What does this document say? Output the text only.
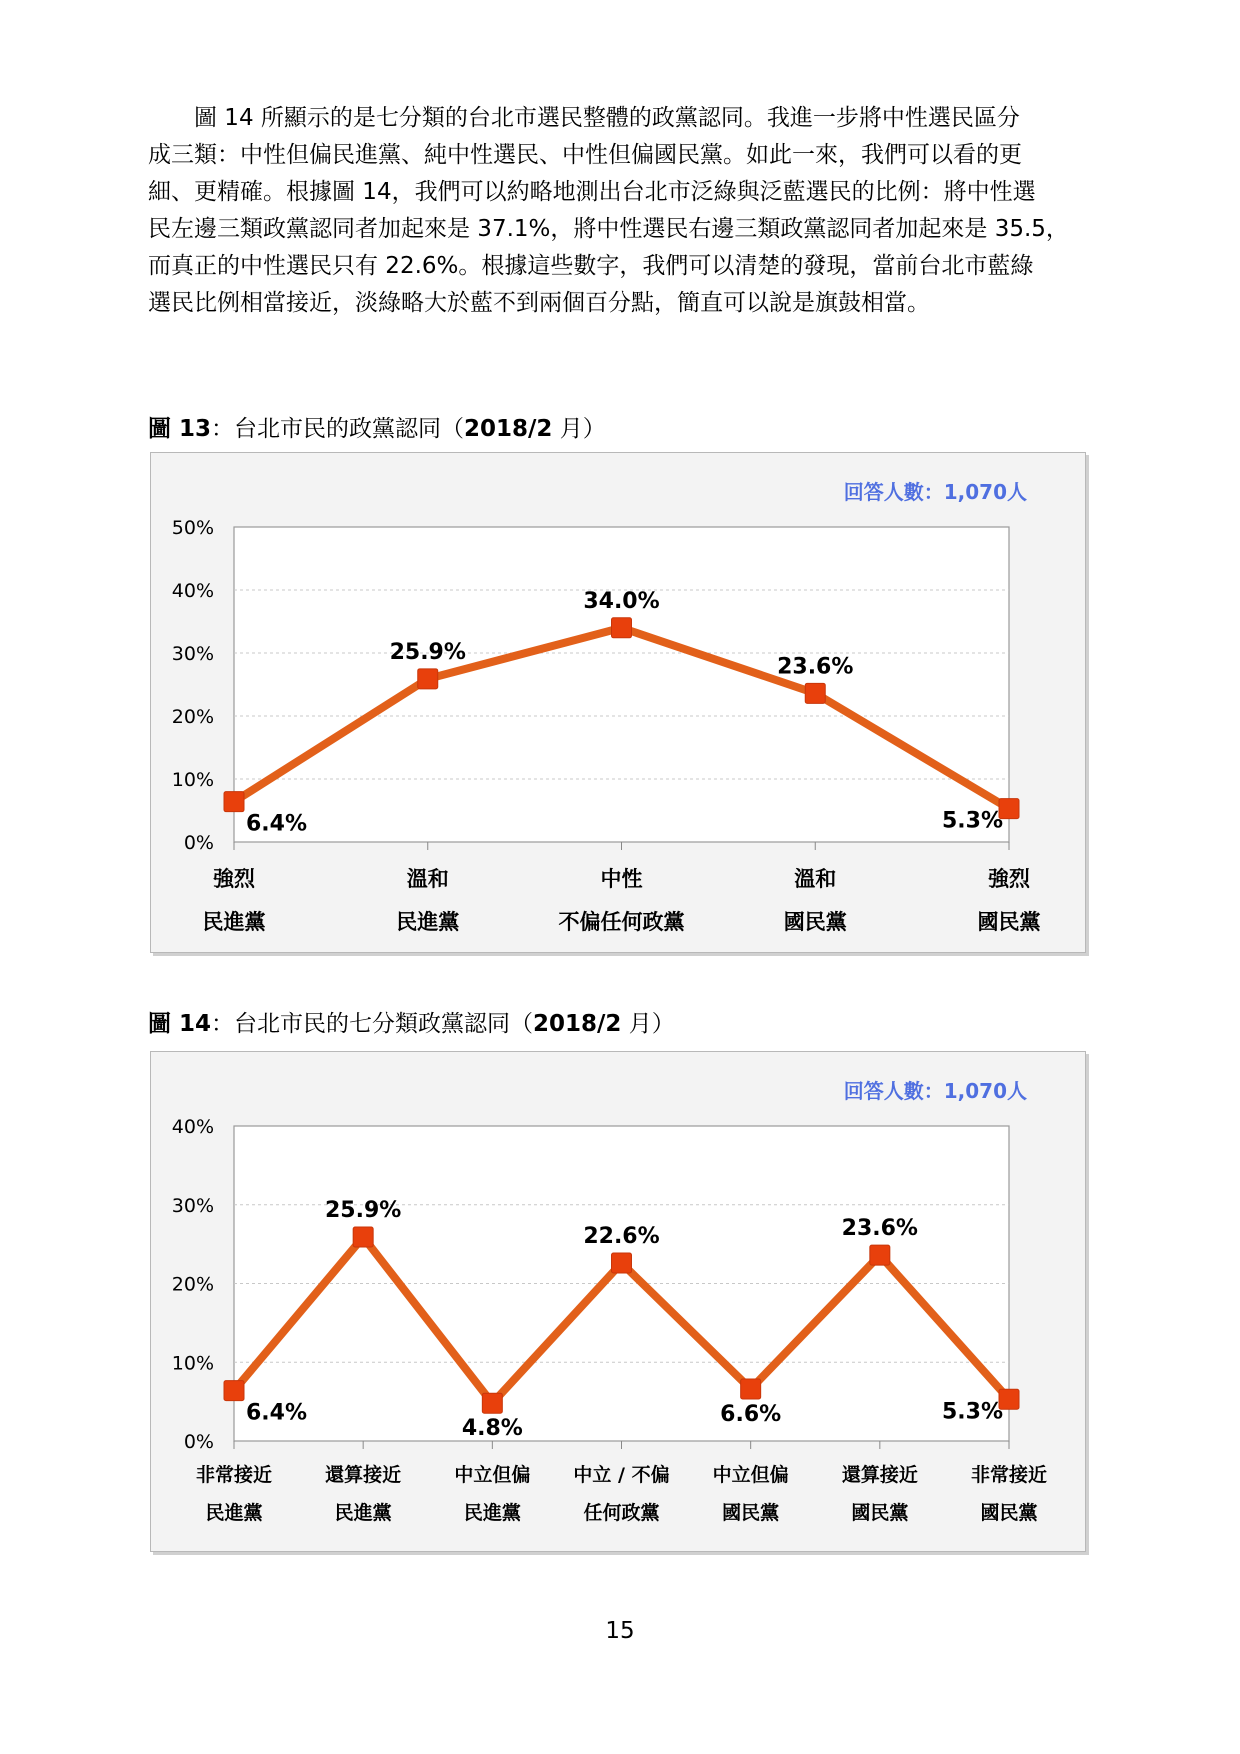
圖 14 所顯示的是七分類的台北市選民整體的政黨認同。我進一步將中性選民區分
成三類：中性但偏民進黨、純中性選民、中性但偏國民黨。如此一來，我們可以看的更
細、更精確。根據圖 14，我們可以約略地測出台北市泛綠與泛藍選民的比例：將中性選
民左邊三類政黨認同者加起來是 37.1%，將中性選民右邊三類政黨認同者加起來是 35.5，
而真正的中性選民只有 22.6%。根據這些數字，我們可以清楚的發現，當前台北市藍綠
選民比例相當接近，淡綠略大於藍不到兩個百分點，簡直可以說是旗鼓相當。
圖 13：台北市民的政黨認同（2018/2 月）
0%
10%
20%
30%
40%
50%
6.4%
25.9%
34.0%
23.6%
5.3%
強烈
民進黨
溫和
民進黨
中性
不偏任何政黨
溫和
國民黨
強烈
國民黨
回答人數：1,070人
圖 14：台北市民的七分類政黨認同（2018/2 月）
0%
10%
20%
30%
40%
6.4%
25.9%
4.8%
22.6%
6.6%
23.6%
5.3%
非常接近
民進黨
還算接近
民進黨
中立但偏
民進黨
中立 / 不偏
任何政黨
中立但偏
國民黨
還算接近
國民黨
非常接近
國民黨
回答人數：1,070人
15
